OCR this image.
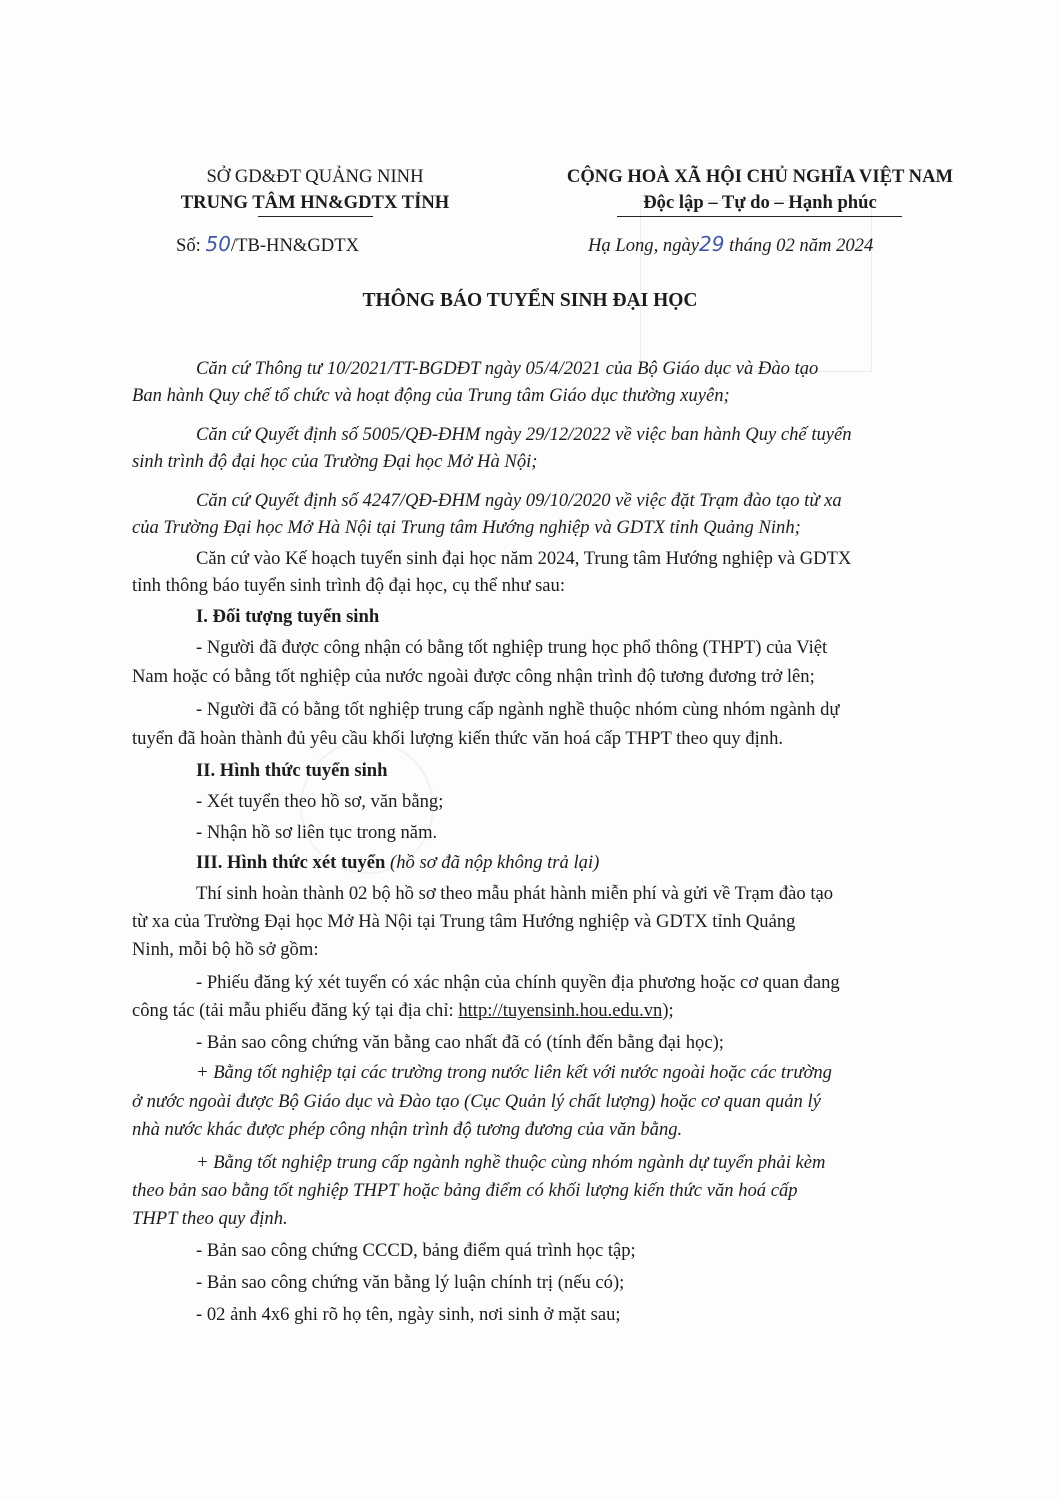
SỞ GD&ĐT QUẢNG NINH
TRUNG TÂM HN&GDTX TỈNH
Số: 50/TB-HN&GDTX
CỘNG HOÀ XÃ HỘI CHỦ NGHĨA VIỆT NAM
Độc lập – Tự do – Hạnh phúc
Hạ Long, ngày29 tháng 02 năm 2024
THÔNG BÁO TUYỂN SINH ĐẠI HỌC
Căn cứ Thông tư 10/2021/TT-BGDĐT ngày 05/4/2021 của Bộ Giáo dục và Đào tạo
Ban hành Quy chế tổ chức và hoạt động của Trung tâm Giáo dục thường xuyên;
Căn cứ Quyết định số 5005/QĐ-ĐHM ngày 29/12/2022 về việc ban hành Quy chế tuyển
sinh trình độ đại học của Trường Đại học Mở Hà Nội;
Căn cứ Quyết định số 4247/QĐ-ĐHM ngày 09/10/2020 về việc đặt Trạm đào tạo từ xa
của Trường Đại học Mở Hà Nội tại Trung tâm Hướng nghiệp và GDTX tỉnh Quảng Ninh;
Căn cứ vào Kế hoạch tuyển sinh đại học năm 2024, Trung tâm Hướng nghiệp và GDTX
tỉnh thông báo tuyển sinh trình độ đại học, cụ thể như sau:
I. Đối tượng tuyển sinh
- Người đã được công nhận có bằng tốt nghiệp trung học phổ thông (THPT) của Việt
Nam hoặc có bằng tốt nghiệp của nước ngoài được công nhận trình độ tương đương trở lên;
- Người đã có bằng tốt nghiệp trung cấp ngành nghề thuộc nhóm cùng nhóm ngành dự
tuyển đã hoàn thành đủ yêu cầu khối lượng kiến thức văn hoá cấp THPT theo quy định.
II. Hình thức tuyển sinh
- Xét tuyển theo hồ sơ, văn bằng;
- Nhận hồ sơ liên tục trong năm.
III. Hình thức xét tuyển (hồ sơ đã nộp không trả lại)
Thí sinh hoàn thành 02 bộ hồ sơ theo mẫu phát hành miễn phí và gửi về Trạm đào tạo
từ xa của Trường Đại học Mở Hà Nội tại Trung tâm Hướng nghiệp và GDTX tỉnh Quảng
Ninh, mỗi bộ hồ sở gồm:
- Phiếu đăng ký xét tuyển có xác nhận của chính quyền địa phương hoặc cơ quan đang
công tác (tải mẫu phiếu đăng ký tại địa chỉ: http://tuyensinh.hou.edu.vn);
- Bản sao công chứng văn bằng cao nhất đã có (tính đến bằng đại học);
+ Bằng tốt nghiệp tại các trường trong nước liên kết với nước ngoài hoặc các trường
ở nước ngoài được Bộ Giáo dục và Đào tạo (Cục Quản lý chất lượng) hoặc cơ quan quản lý
nhà nước khác được phép công nhận trình độ tương đương của văn bằng.
+ Bằng tốt nghiệp trung cấp ngành nghề thuộc cùng nhóm ngành dự tuyển phải kèm
theo bản sao bằng tốt nghiệp THPT hoặc bảng điểm có khối lượng kiến thức văn hoá cấp
THPT theo quy định.
- Bản sao công chứng CCCD, bảng điểm quá trình học tập;
- Bản sao công chứng văn bằng lý luận chính trị (nếu có);
- 02 ảnh 4x6 ghi rõ họ tên, ngày sinh, nơi sinh ở mặt sau;
